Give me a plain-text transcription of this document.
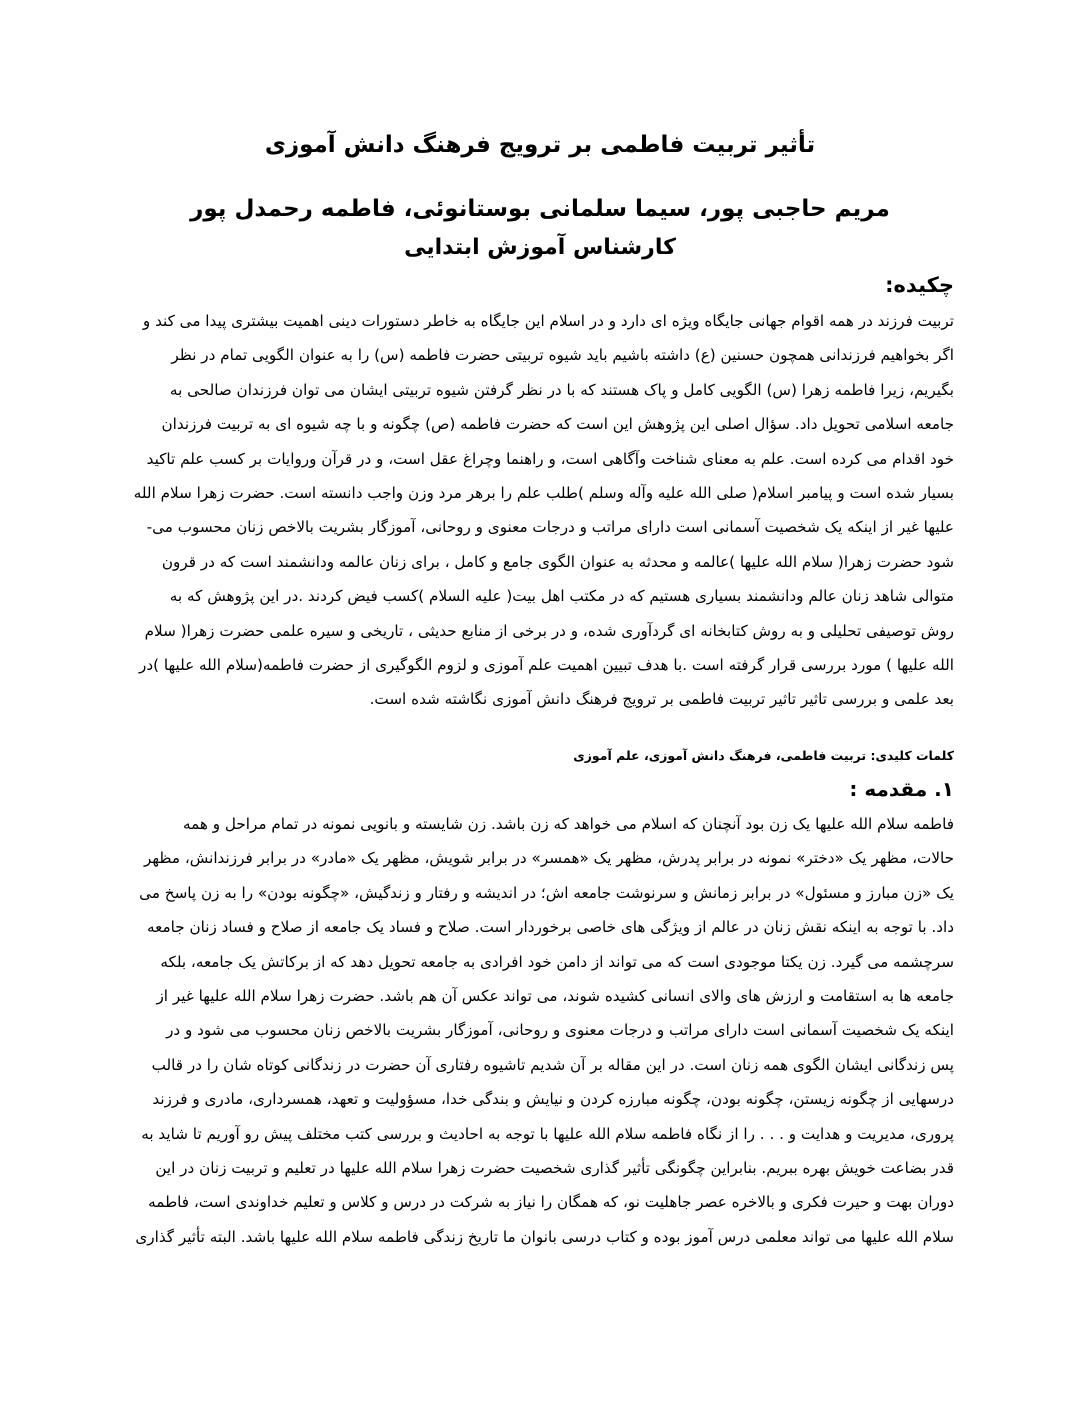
تأثیر تربیت فاطمی بر ترویج فرهنگ دانش آموزی
مریم حاجبی پور، سیما سلمانی بوستانوئی، فاطمه رحمدل پور
کارشناس آموزش ابتدایی
چکیده:
تربیت فرزند در همه اقوام جهانی جایگاه ویژه ای دارد و در اسلام این جایگاه به خاطر دستورات دینی اهمیت بیشتری پیدا می کند و
اگر بخواهیم فرزندانی همچون حسنین (ع) داشته باشیم باید شیوه تربیتی حضرت فاطمه (س) را به عنوان الگویی تمام در نظر
بگیریم، زیرا فاطمه زهرا (س) الگویی کامل و پاک هستند که با در نظر گرفتن شیوه تربیتی ایشان می توان فرزندان صالحی به
جامعه اسلامی تحویل داد. سؤال اصلی این پژوهش این است که حضرت فاطمه (ص) چگونه و با چه شیوه ای به تربیت فرزندان
خود اقدام می کرده است. علم به معنای شناخت وآگاهی است، و راهنما وچراغ عقل است، و در قرآن وروایات بر کسب علم تاکید
بسیار شده است و پیامبر اسلام( صلی الله علیه وآله وسلم )طلب علم را برهر مرد وزن واجب دانسته است. حضرت زهرا سلام الله
علیها غیر از اینکه یک شخصیت آسمانی است دارای مراتب و درجات معنوی و روحانی، آموزگار بشریت بالاخص زنان محسوب می-
شود حضرت زهرا( سلام الله علیها )عالمه و محدثه به عنوان الگوی جامع و کامل ، برای زنان عالمه ودانشمند است که در قرون
متوالی شاهد زنان عالم ودانشمند بسیاری هستیم که در مکتب اهل بیت( علیه السلام )کسب فیض کردند .در این پژوهش که به
روش توصیفی تحلیلی و به روش کتابخانه ای گردآوری شده، و در برخی از منابع حدیثی ، تاریخی و سیره علمی حضرت زهرا( سلام
الله علیها ) مورد بررسی قرار گرفته است .با هدف تبیین اهمیت علم آموزی و لزوم الگوگیری از حضرت فاطمه(سلام الله علیها )در
بعد علمی و بررسی تاثیر تاثیر تربیت فاطمی بر ترویج فرهنگ دانش آموزی نگاشته شده است.
کلمات کلیدی: تربیت فاطمی، فرهنگ دانش آموزی، علم آموزی
۱. مقدمه :
فاطمه سلام الله علیها یک زن بود آنچنان که اسلام می خواهد که زن باشد. زن شایسته و بانویی نمونه در تمام مراحل و همه
حالات، مظهر یک «دختر» نمونه در برابر پدرش، مظهر یک «همسر» در برابر شویش، مظهر یک «مادر» در برابر فرزندانش، مظهر
یک «زن مبارز و مسئول» در برابر زمانش و سرنوشت جامعه اش؛ در اندیشه و رفتار و زندگیش، «چگونه بودن» را به زن پاسخ می
داد. با توجه به اینکه نقش زنان در عالم از ویژگی های خاصی برخوردار است. صلاح و فساد یک جامعه از صلاح و فساد زنان جامعه
سرچشمه می گیرد. زن یکتا موجودی است که می تواند از دامن خود افرادی به جامعه تحویل دهد که از برکاتش یک جامعه، بلکه
جامعه ها به استقامت و ارزش های والای انسانی کشیده شوند، می تواند عکس آن هم باشد. حضرت زهرا سلام الله علیها غیر از
اینکه یک شخصیت آسمانی است دارای مراتب و درجات معنوی و روحانی، آموزگار بشریت بالاخص زنان محسوب می شود و در
پس زندگانی ایشان الگوی همه زنان است. در این مقاله بر آن شدیم تاشیوه رفتاری آن حضرت در زندگانی کوتاه شان را در قالب
درسهایی از چگونه زیستن، چگونه بودن، چگونه مبارزه کردن و نیایش و بندگی خدا، مسؤولیت و تعهد، همسرداری، مادری و فرزند
پروری، مدیریت و هدایت و . . . را از نگاه فاطمه سلام الله علیها با توجه به احادیث و بررسی کتب مختلف پیش رو آوریم تا شاید به
قدر بضاعت خویش بهره ببریم. بنابراین چگونگی تأثیر گذاری شخصیت حضرت زهرا سلام الله علیها در تعلیم و تربیت زنان در این
دوران بهت و حیرت فکری و بالاخره عصر جاهلیت نو، که همگان را نیاز به شرکت در درس و کلاس و تعلیم خداوندی است، فاطمه
سلام الله علیها می تواند معلمی درس آموز بوده و کتاب درسی بانوان ما تاریخ زندگی فاطمه سلام الله علیها باشد. البته تأثیر گذاری
